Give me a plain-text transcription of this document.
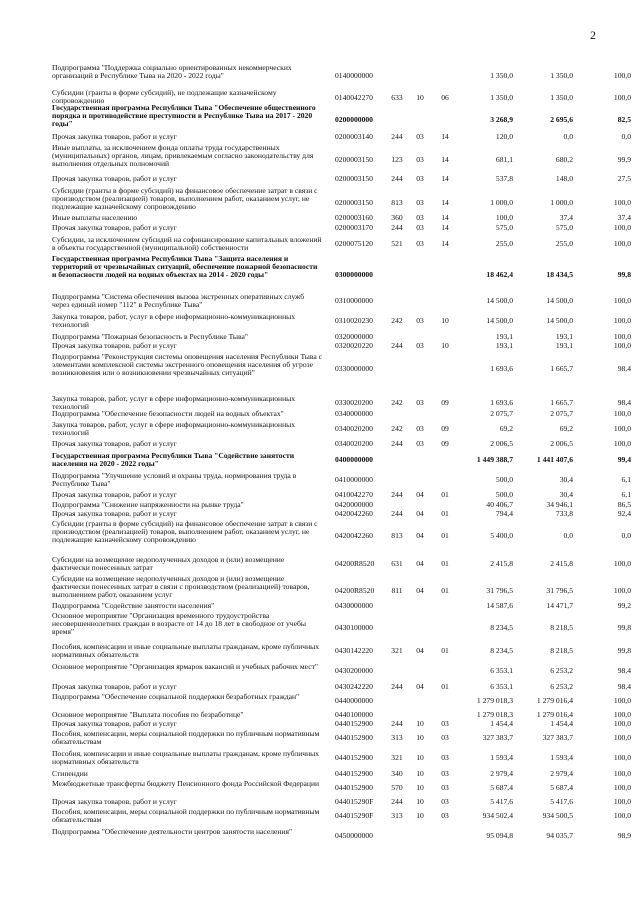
2
Подпрограмма "Поддержка социально ориентированных некоммерческих организаций в Республике Тыва на 2020 - 2022 годы"	0140000000	1 350,0	1 350,0	100,0
Субсидии (гранты в форме субсидий), не подлежащие казначейскому сопровождению	0140042270	633	10	06	1 350,0	1 350,0	100,0
Государственная программа Республики Тыва "Обеспечение общественного порядка и противодействие преступности в Республике Тыва на 2017 - 2020 годы"	0200000000	3 268,9	2 695,6	82,5
Прочая закупка товаров, работ и услуг	0200003140	244	03	14	120,0	0,0	0,0
Иные выплаты, за исключением фонда оплаты труда государственных (муниципальных) органов, лицам, привлекаемым согласно законодательству для выполнения отдельных полномочий	0200003150	123	03	14	681,1	680,2	99,9
Прочая закупка товаров, работ и услуг	0200003150	244	03	14	537,8	148,0	27,5
Субсидии (гранты в форме субсидий) на финансовое обеспечение затрат в связи с производством (реализацией) товаров, выполнением работ, оказанием услуг, не подлежащие казначейскому сопровождению	0200003150	813	03	14	1 000,0	1 000,0	100,0
Иные выплаты населению	0200003160	360	03	14	100,0	37,4	37,4
Прочая закупка товаров, работ и услуг	0200003170	244	03	14	575,0	575,0	100,0
Субсидии, за исключением субсидий на софинансирование капитальных вложений в объекты государственной (муниципальной) собственности	0200075120	521	03	14	255,0	255,0	100,0
Государственная программа Республики Тыва "Защита населения и территорий от чрезвычайных ситуаций, обеспечение пожарной безопасности и безопасности людей на водных объектах на 2014 - 2020 годы"	0300000000	18 462,4	18 434,5	99,8
Подпрограмма "Система обеспечения вызова экстренных оперативных служб через единый номер "112" в Республике Тыва"	0310000000	14 500,0	14 500,0	100,0
Закупка товаров, работ, услуг в сфере информационно-коммуникационных технологий	0310020230	242	03	10	14 500,0	14 500,0	100,0
Подпрограмма "Пожарная безопасность в Республике Тыва"	0320000000	193,1	193,1	100,0
Прочая закупка товаров, работ и услуг	0320020220	244	03	10	193,1	193,1	100,0
Подпрограмма "Реконструкция системы оповещения населения Республики Тыва с элементами комплексной системы экстренного оповещения населения об угрозе возникновения или о возникновении чрезвычайных ситуаций"	0330000000	1 693,6	1 665,7	98,4
Закупка товаров, работ, услуг в сфере информационно-коммуникационных технологий	0330020200	242	03	09	1 693,6	1 665,7	98,4
Подпрограмма "Обеспечение безопасности людей на водных объектах"	0340000000	2 075,7	2 075,7	100,0
Закупка товаров, работ, услуг в сфере информационно-коммуникационных технологий	0340020200	242	03	09	69,2	69,2	100,0
Прочая закупка товаров, работ и услуг	0340020200	244	03	09	2 006,5	2 006,5	100,0
Государственная программа Республики Тыва "Содействие занятости населения на 2020 - 2022 годы"	0400000000	1 449 388,7	1 441 407,6	99,4
Подпрограмма "Улучшение условий и охраны труда, нормирования труда в Республике Тыва"	0410000000	500,0	30,4	6,1
Прочая закупка товаров, работ и услуг	0410042270	244	04	01	500,0	30,4	6,1
Подпрограмма "Снижение напряженности на рынке труда"	0420000000	40 406,7	34 946,1	86,5
Прочая закупка товаров, работ и услуг	0420042260	244	04	01	794,4	733,8	92,4
Субсидии (гранты в форме субсидий) на финансовое обеспечение затрат в связи с производством (реализацией) товаров, выполнением работ, оказанием услуг, не подлежащие казначейскому сопровождению	0420042260	813	04	01	5 400,0	0,0	0,0
Субсидии на возмещение недополученных доходов и (или) возмещение фактически понесенных затрат	04200R8520	631	04	01	2 415,8	2 415,8	100,0
Субсидии на возмещение недополученных доходов и (или) возмещение фактически понесенных затрат в связи с производством (реализацией) товаров, выполнением работ, оказанием услуг	04200R8520	811	04	01	31 796,5	31 796,5	100,0
Подпрограмма "Содействие занятости населения"	0430000000	14 587,6	14 471,7	99,2
Основное мероприятие "Организация временного трудоустройства несовершеннолетних граждан в возрасте от 14 до 18 лет в свободное от учебы время"	0430100000	8 234,5	8 218,5	99,8
Пособия, компенсации и иные социальные выплаты гражданам, кроме публичных нормативных обязательств	0430142220	321	04	01	8 234,5	8 218,5	99,8
Основное мероприятие "Организация ярмарок вакансий и учебных рабочих мест"	0430200000	6 353,1	6 253,2	98,4
Прочая закупка товаров, работ и услуг	0430242220	244	04	01	6 353,1	6 253,2	98,4
Подпрограмма "Обеспечение социальной поддержки безработных граждан"	0440000000	1 279 018,3	1 279 016,4	100,0
Основное мероприятие "Выплата пособия по безработице"	0440100000	1 279 018,3	1 279 016,4	100,0
Прочая закупка товаров, работ и услуг	0440152900	244	10	03	1 454,4	1 454,4	100,0
Пособия, компенсации, меры социальной поддержки по публичным нормативным обязательствам	0440152900	313	10	03	327 383,7	327 383,7	100,0
Пособия, компенсации и иные социальные выплаты гражданам, кроме публичных нормативных обязательств	0440152900	321	10	03	1 593,4	1 593,4	100,0
Стипендии	0440152900	340	10	03	2 979,4	2 979,4	100,0
Межбюджетные трансферты бюджету Пенсионного фонда Российской Федерации	0440152900	570	10	03	5 687,4	5 687,4	100,0
Прочая закупка товаров, работ и услуг	044015290F	244	10	03	5 417,6	5 417,6	100,0
Пособия, компенсации, меры социальной поддержки по публичным нормативным обязательствам	044015290F	313	10	03	934 502,4	934 500,5	100,0
Подпрограмма "Обеспечение деятельности центров занятости населения"	0450000000	95 094,8	94 035,7	98,9
